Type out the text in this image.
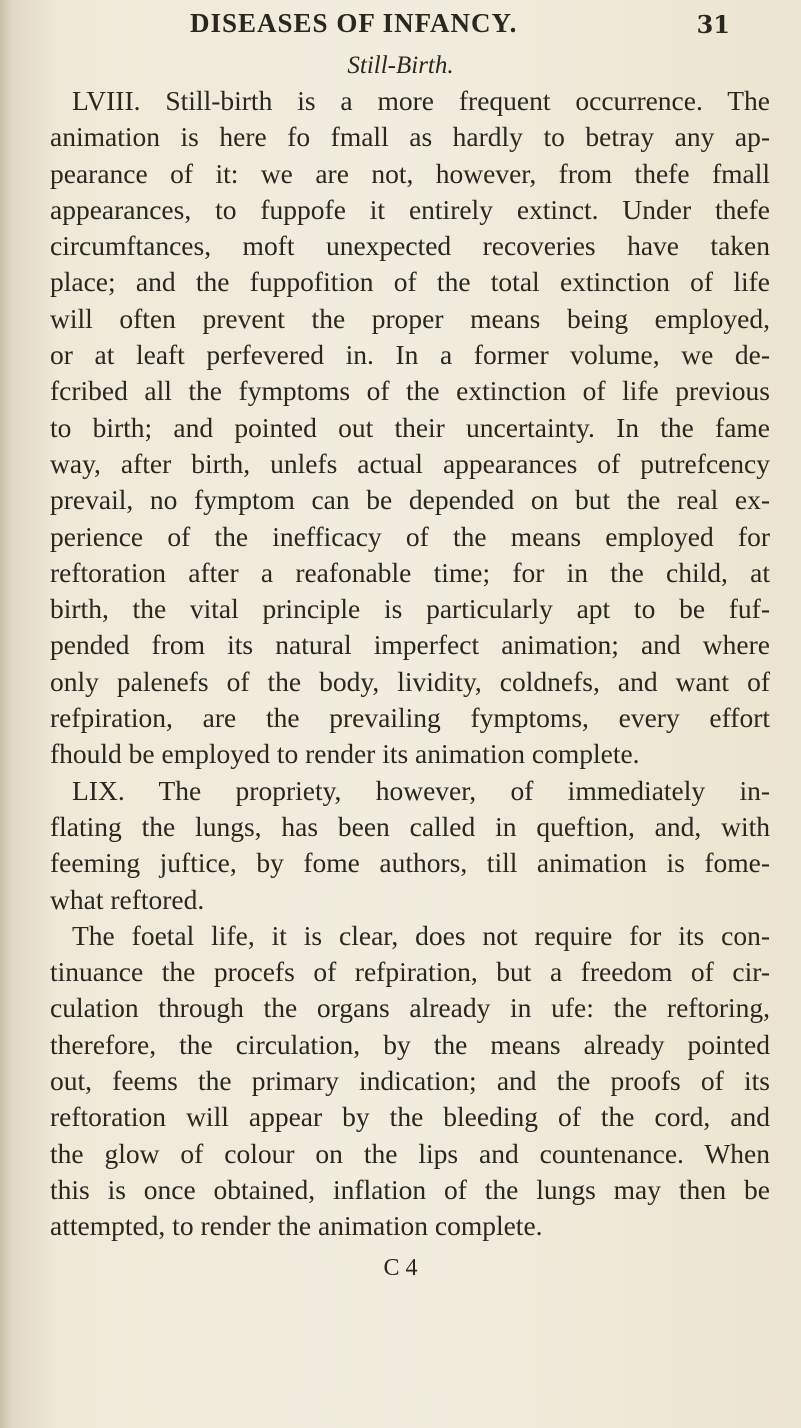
DISEASES OF INFANCY.	31
Still-Birth.
LVIII. Still-birth is a more frequent occurrence. The
animation is here fo fmall as hardly to betray any ap-
pearance of it: we are not, however, from thefe fmall
appearances, to fuppofe it entirely extinct. Under thefe
circumftances, moft unexpected recoveries have taken
place; and the fuppofition of the total extinction of life
will often prevent the proper means being employed,
or at leaft perfevered in. In a former volume, we de-
fcribed all the fymptoms of the extinction of life previous
to birth; and pointed out their uncertainty. In the fame
way, after birth, unlefs actual appearances of putrefcency
prevail, no fymptom can be depended on but the real ex-
perience of the inefficacy of the means employed for
reftoration after a reafonable time; for in the child, at
birth, the vital principle is particularly apt to be fuf-
pended from its natural imperfect animation; and where
only palenefs of the body, lividity, coldnefs, and want of
refpiration, are the prevailing fymptoms, every effort
fhould be employed to render its animation complete.
LIX. The propriety, however, of immediately in-
flating the lungs, has been called in queftion, and, with
feeming juftice, by fome authors, till animation is fome-
what reftored.
The foetal life, it is clear, does not require for its con-
tinuance the procefs of refpiration, but a freedom of cir-
culation through the organs already in ufe: the reftoring,
therefore, the circulation, by the means already pointed
out, feems the primary indication; and the proofs of its
reftoration will appear by the bleeding of the cord, and
the glow of colour on the lips and countenance. When
this is once obtained, inflation of the lungs may then be
attempted, to render the animation complete.
C 4
